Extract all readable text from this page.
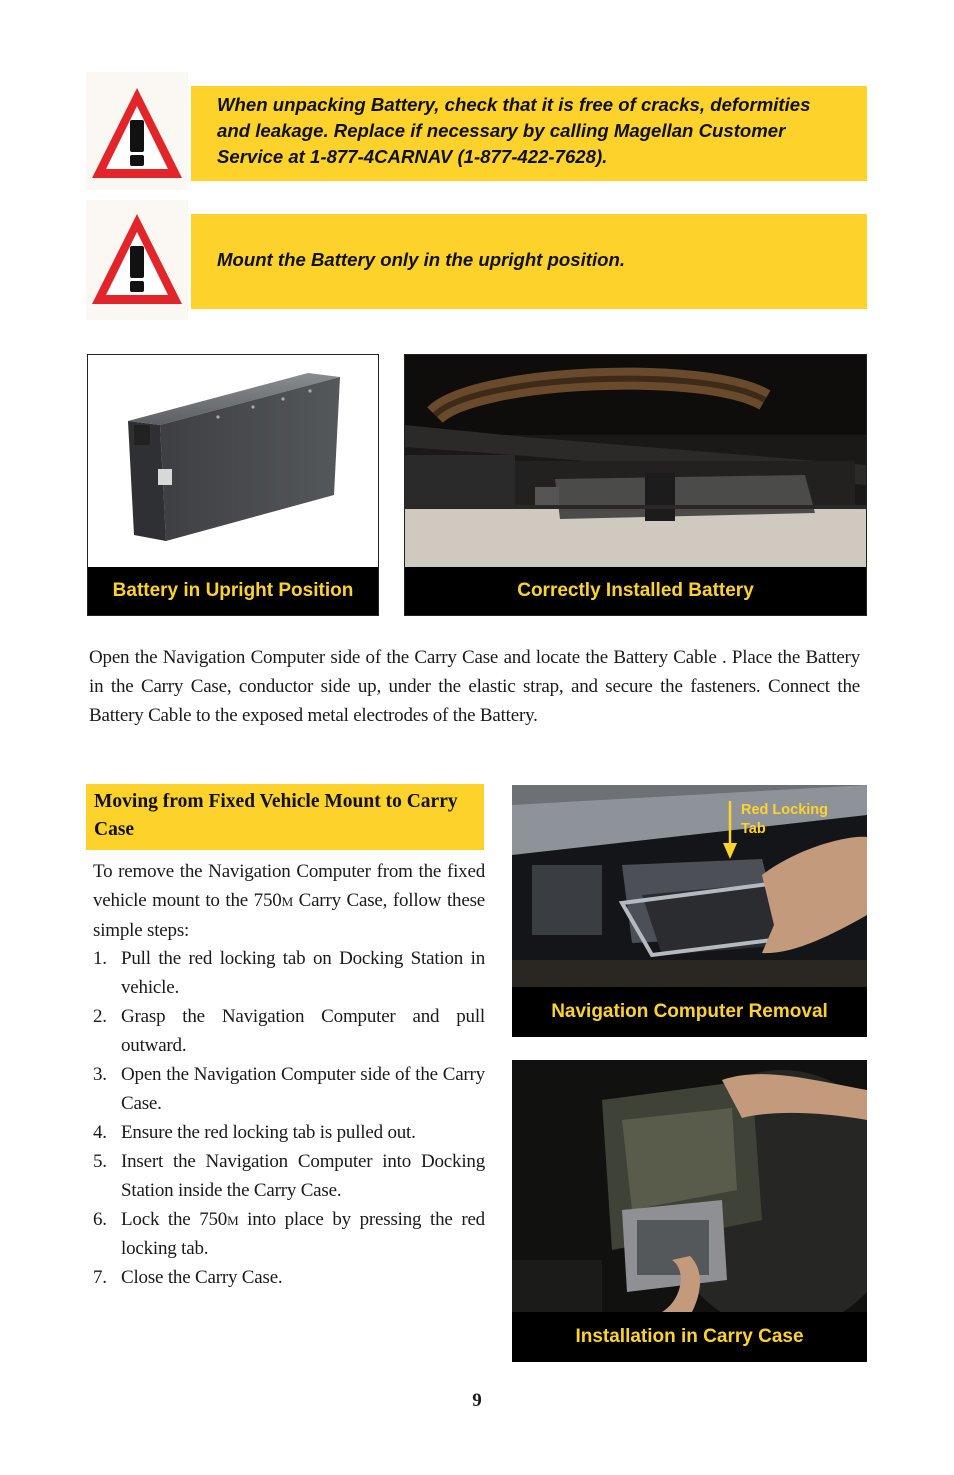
When unpacking Battery, check that it is free of cracks, deformities and leakage. Replace if necessary by calling Magellan Customer Service at 1-877-4CARNAV (1-877-422-7628).
Mount the Battery only in the upright position.
Battery in Upright Position	Correctly Installed Battery
Open the Navigation Computer side of the Carry Case and locate the Battery Cable . Place the Battery in the Carry Case, conductor side up, under the elastic strap, and secure the fasteners. Connect the Battery Cable to the exposed metal electrodes of the Battery.
Moving from Fixed Vehicle Mount to Carry Case
To remove the Navigation Computer from the fixed vehicle mount to the 750m Carry Case, follow these simple steps:
1. Pull the red locking tab on Docking Station in vehicle.
2. Grasp the Navigation Computer and pull outward.
3. Open the Navigation Computer side of the Carry Case.
4. Ensure the red locking tab is pulled out.
5. Insert the Navigation Computer into Docking Station inside the Carry Case.
6. Lock the 750m into place by pressing the red locking tab.
7. Close the Carry Case.
Red Locking Tab
Navigation Computer Removal
Installation in Carry Case
9
